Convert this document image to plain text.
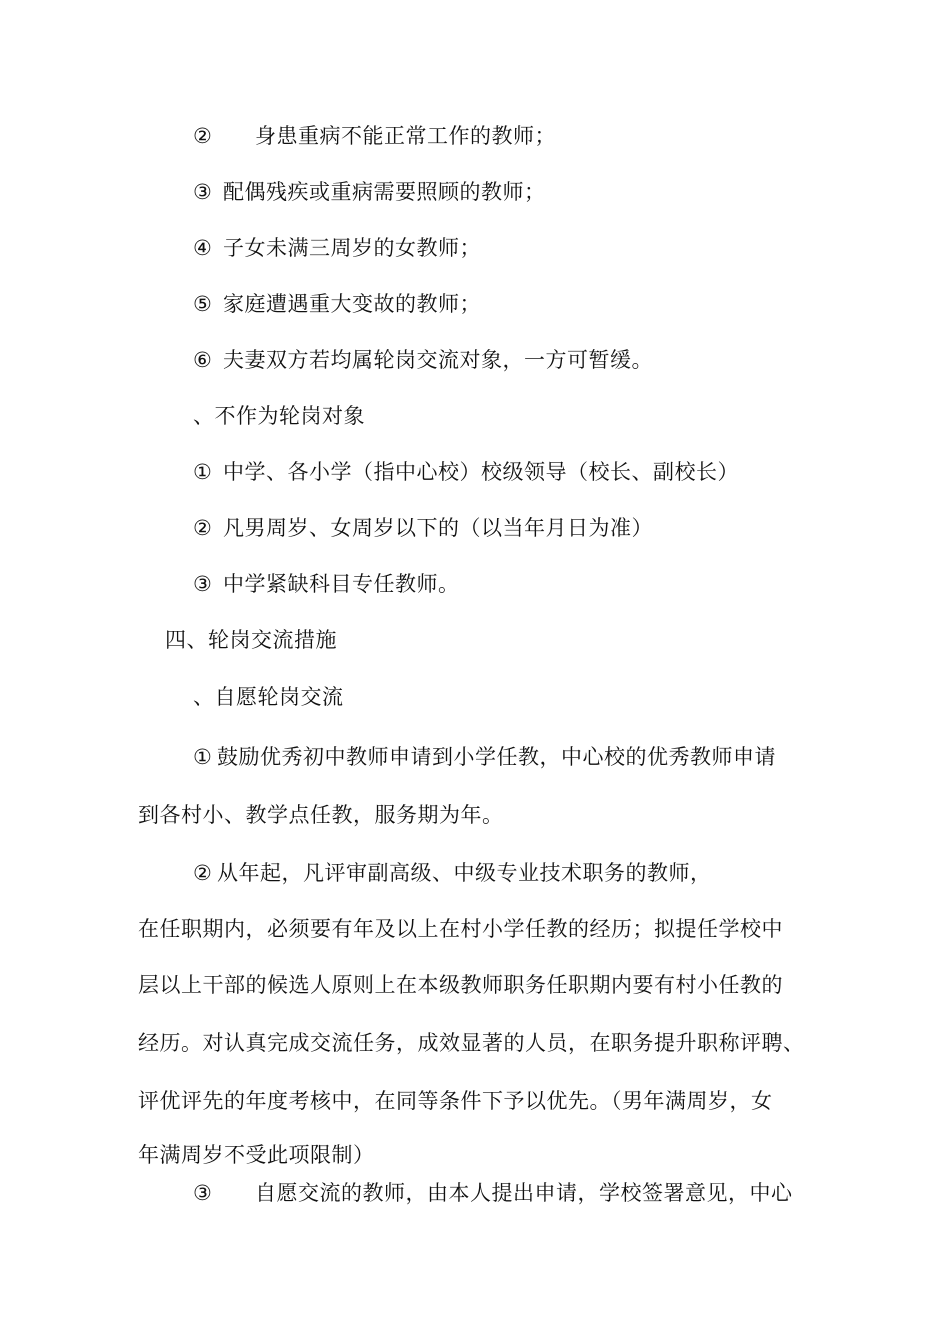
② 身患重病不能正常工作的教师；
③ 配偶残疾或重病需要照顾的教师；
④ 子女未满三周岁的女教师；
⑤ 家庭遭遇重大变故的教师；
⑥ 夫妻双方若均属轮岗交流对象，一方可暂缓。
、不作为轮岗对象
① 中学、各小学（指中心校）校级领导（校长、副校长）
② 凡男周岁、女周岁以下的（以当年月日为准）
③ 中学紧缺科目专任教师。
四、轮岗交流措施
、自愿轮岗交流
① 鼓励优秀初中教师申请到小学任教，中心校的优秀教师申请
到各村小、教学点任教，服务期为年。
② 从年起，凡评审副高级、中级专业技术职务的教师，
在任职期内，必须要有年及以上在村小学任教的经历；拟提任学校中
层以上干部的候选人原则上在本级教师职务任职期内要有村小任教的
经历。对认真完成交流任务，成效显著的人员，在职务提升职称评聘、
评优评先的年度考核中，在同等条件下予以优先。（男年满周岁，女
年满周岁不受此项限制）
③ 自愿交流的教师，由本人提出申请，学校签署意见，中心
